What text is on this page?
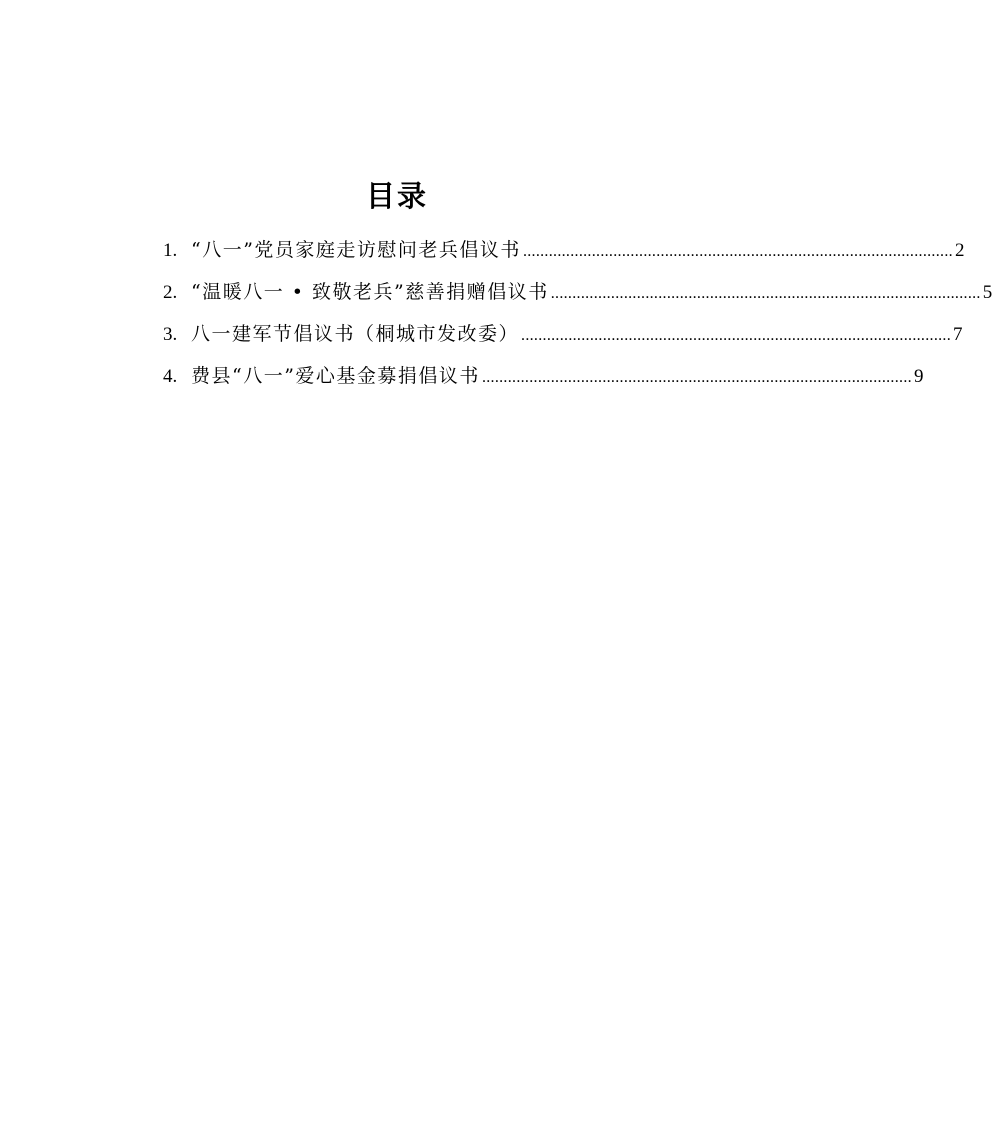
目录
1. “八一”党员家庭走访慰问老兵倡议书 .................................................................................................... 2
2. “温暖八一 • 致敬老兵”慈善捐赠倡议书 .................................................................................................... 5
3. 八一建军节倡议书（桐城市发改委） .................................................................................................... 7
4. 费县“八一”爱心基金募捐倡议书 .................................................................................................... 9
